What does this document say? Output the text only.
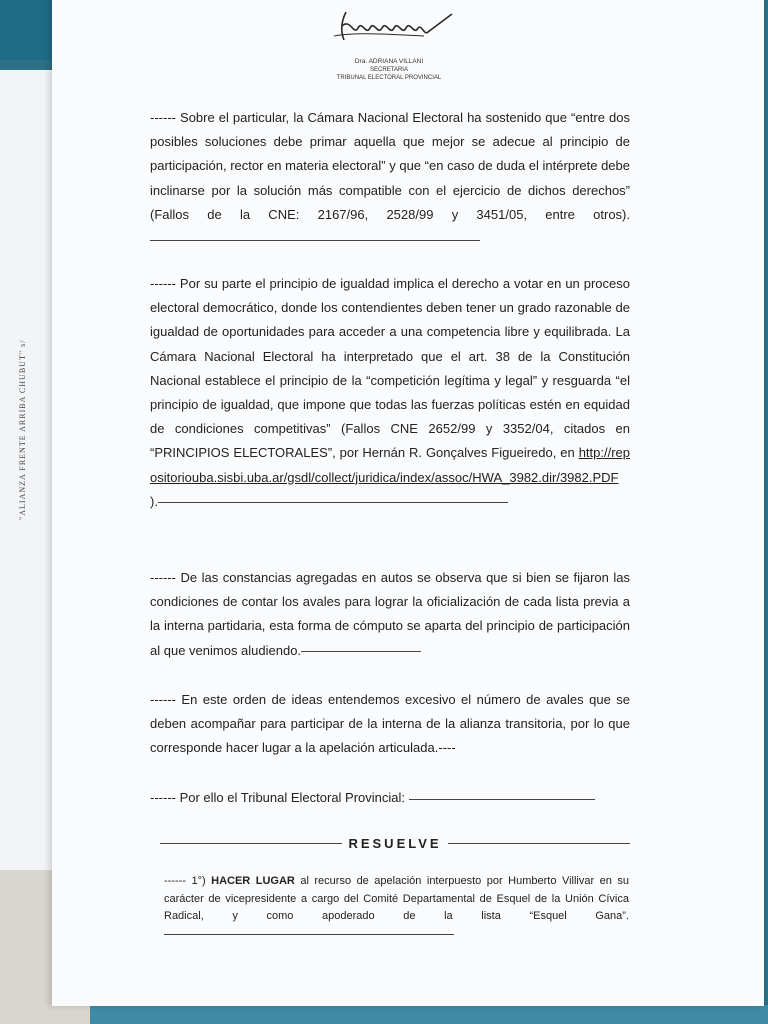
"ALIANZA FRENTE ARRIBA CHUBUT" s/
Dra. ADRIANA VILLANI
SECRETARIA
TRIBUNAL ELECTORAL PROVINCIAL

------ Sobre el particular, la Cámara Nacional Electoral ha sostenido que “entre dos posibles soluciones debe primar aquella que mejor se adecue al principio de participación, rector en materia electoral” y que “en caso de duda el intérprete debe inclinarse por la solución más compatible con el ejercicio de dichos derechos” (Fallos de la CNE: 2167/96, 2528/99 y 3451/05, entre otros).

------ Por su parte el principio de igualdad implica el derecho a votar en un proceso electoral democrático, donde los contendientes deben tener un grado razonable de igualdad de oportunidades para acceder a una competencia libre y equilibrada. La Cámara Nacional Electoral ha interpretado que el art. 38 de la Constitución Nacional establece el principio de la “competición legítima y legal” y resguarda “el principio de igualdad, que impone que todas las fuerzas políticas estén en equidad de condiciones competitivas” (Fallos CNE 2652/99 y 3352/04, citados en “PRINCIPIOS ELECTORALES”, por Hernán R. Gonçalves Figueiredo, en http://repositoriouba.sisbi.uba.ar/gsdl/collect/juridica/index/assoc/HWA_3982.dir/3982.PDF ).

------ De las constancias agregadas en autos se observa que si bien se fijaron las condiciones de contar los avales para lograr la oficialización de cada lista previa a la interna partidaria, esta forma de cómputo se aparta del principio de participación al que venimos aludiendo.

------ En este orden de ideas entendemos excesivo el número de avales que se deben acompañar para participar de la interna de la alianza transitoria, por lo que corresponde hacer lugar a la apelación articulada.----

------ Por ello el Tribunal Electoral Provincial:

RESUELVE
------ 1°) HACER LUGAR al recurso de apelación interpuesto por Humberto Villivar en su carácter de vicepresidente a cargo del Comité Departamental de Esquel de la Unión Cívica Radical, y como apoderado de la lista “Esquel Gana”.
